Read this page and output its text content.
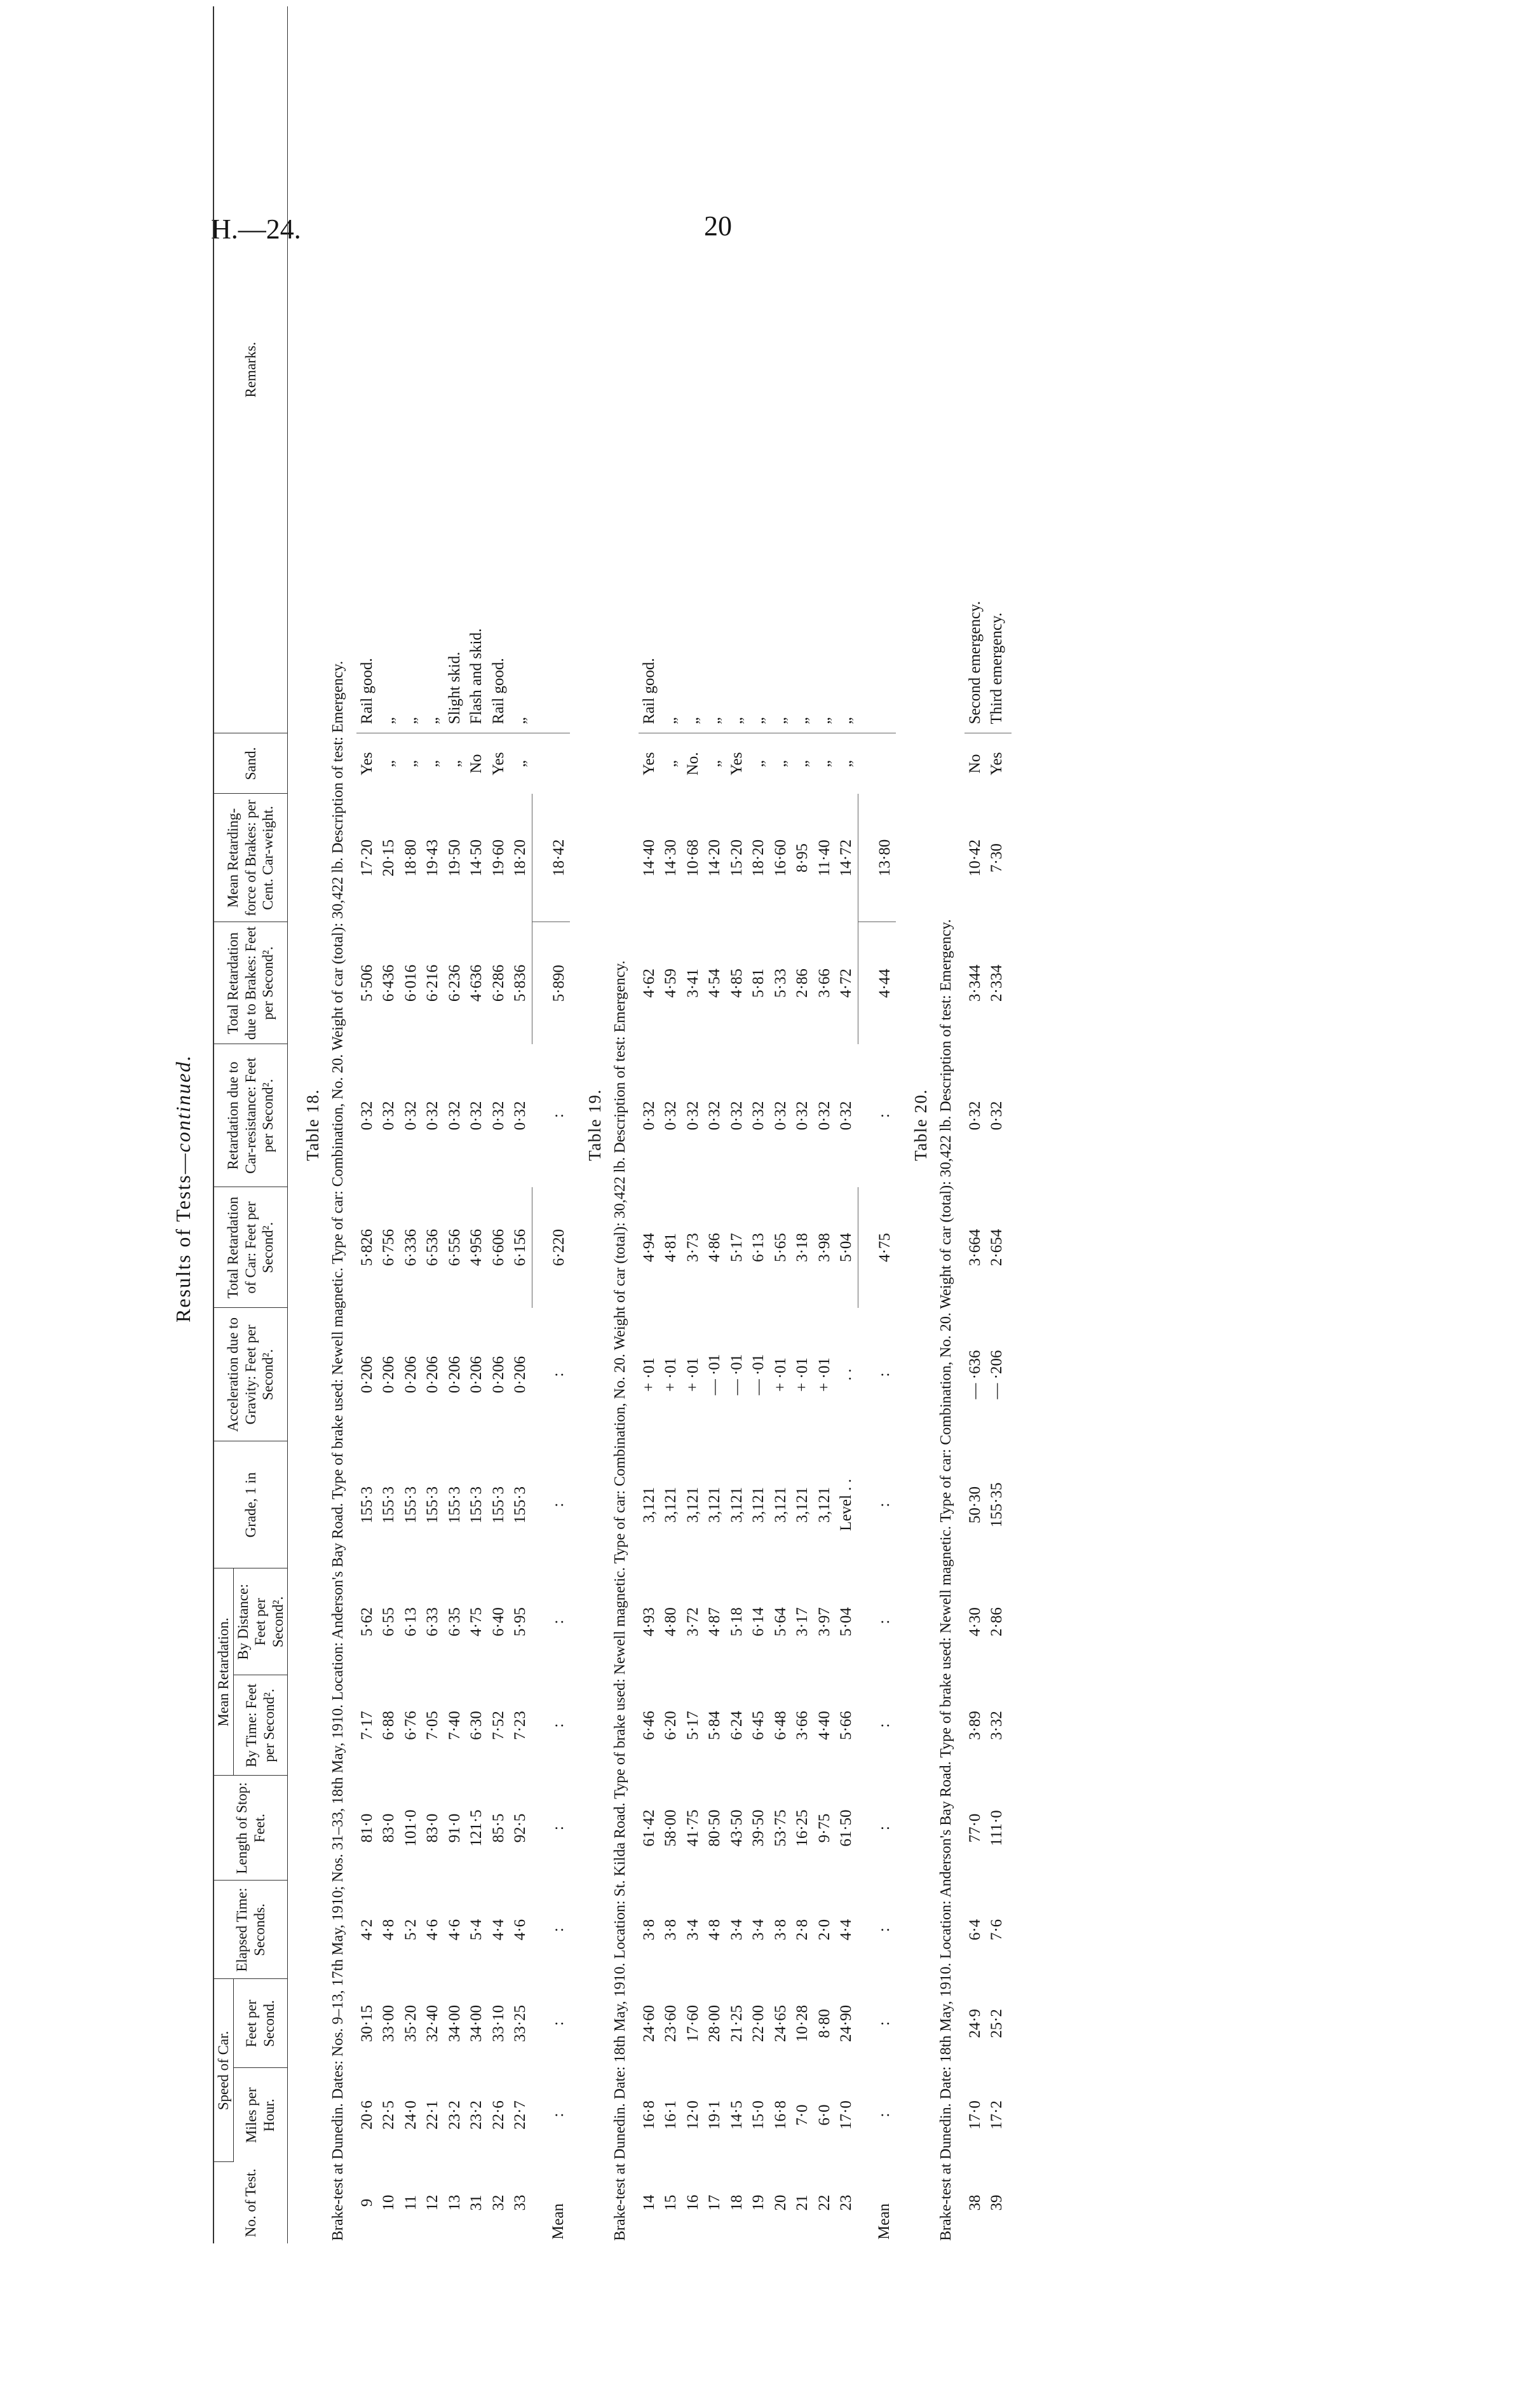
H.—24.	20
Results of Tests—continued.
No. of Test.	Speed of Car.		Elapsed Time: Seconds.	Length of Stop: Feet.	Mean Retardation.		Grade, 1 in	Acceleration due to Gravity: Feet per Second².	Total Retardation of Car: Feet per Second².	Retardation due to Car-resistance: Feet per Second².	Total Retardation due to Brakes: Feet per Second².	Mean Retarding-force of Brakes: per Cent. Car-weight.	Sand.	Remarks.
	Miles per Hour.	Feet per Second.			By Time: Feet per Second².	By Distance: Feet per Second².								
Table 18.														
Brake-test at Dunedin. Dates: Nos. 9–13, 17th May, 1910; Nos. 31–33, 18th May, 1910. Location: Anderson's Bay Road. Type of brake used: Newell magnetic. Type of car: Combination, No. 20. Weight of car (total): 30,422 lb. Description of test: Emergency.														
9	20·6	30·15	4·2	81·0	7·17	5·62	155·3	0·206	5·826	0·32	5·506	17·20	Yes	Rail good.
10	22·5	33·00	4·8	83·0	6·88	6·55	155·3	0·206	6·756	0·32	6·436	20·15	„	„
11	24·0	35·20	5·2	101·0	6·76	6·13	155·3	0·206	6·336	0·32	6·016	18·80	„	„
12	22·1	32·40	4·6	83·0	7·05	6·33	155·3	0·206	6·536	0·32	6·216	19·43	„	„
13	23·2	34·00	4·6	91·0	7·40	6·35	155·3	0·206	6·556	0·32	6·236	19·50	„	Slight skid.
31	23·2	34·00	5·4	121·5	6·30	4·75	155·3	0·206	4·956	0·32	4·636	14·50	No	Flash and skid.
32	22·6	33·10	4·4	85·5	7·52	6·40	155·3	0·206	6·606	0·32	6·286	19·60	Yes	Rail good.
33	22·7	33·25	4·6	92·5	7·23	5·95	155·3	0·206	6·156	0·32	5·836	18·20	„	„
Mean	:	:	:	:	:	:	:	:	6·220	:	5·890	18·42		
Table 19.														
Brake-test at Dunedin. Date: 18th May, 1910. Location: St. Kilda Road. Type of brake used: Newell magnetic. Type of car: Combination, No. 20. Weight of car (total): 30,422 lb. Description of test: Emergency.														
14	16·8	24·60	3·8	61·42	6·46	4·93	3,121	+ ·01	4·94	0·32	4·62	14·40	Yes	Rail good.
15	16·1	23·60	3·8	58·00	6·20	4·80	3,121	+ ·01	4·81	0·32	4·59	14·30	„	„
16	12·0	17·60	3·4	41·75	5·17	3·72	3,121	+ ·01	3·73	0·32	3·41	10·68	No.	„
17	19·1	28·00	4·8	80·50	5·84	4·87	3,121	— ·01	4·86	0·32	4·54	14·20	„	„
18	14·5	21·25	3·4	43·50	6·24	5·18	3,121	— ·01	5·17	0·32	4·85	15·20	Yes	„
19	15·0	22·00	3·4	39·50	6·45	6·14	3,121	— ·01	6·13	0·32	5·81	18·20	„	„
20	16·8	24·65	3·8	53·75	6·48	5·64	3,121	+ ·01	5·65	0·32	5·33	16·60	„	„
21	7·0	10·28	2·8	16·25	3·66	3·17	3,121	+ ·01	3·18	0·32	2·86	8·95	„	„
22	6·0	8·80	2·0	9·75	4·40	3·97	3,121	+ ·01	3·98	0·32	3·66	11·40	„	„
23	17·0	24·90	4·4	61·50	5·66	5·04	Level . .	. .	5·04	0·32	4·72	14·72	„	„
Mean	:	:	:	:	:	:	:	:	4·75	:	4·44	13·80		
Table 20.														
Brake-test at Dunedin. Date: 18th May, 1910. Location: Anderson's Bay Road. Type of brake used: Newell magnetic. Type of car: Combination, No. 20. Weight of car (total): 30,422 lb. Description of test: Emergency.														
38	17·0	24·9	6·4	77·0	3·89	4·30	50·30	— ·636	3·664	0·32	3·344	10·42	No	Second emergency.
39	17·2	25·2	7·6	111·0	3·32	2·86	155·35	— ·206	2·654	0·32	2·334	7·30	Yes	Third emergency.
